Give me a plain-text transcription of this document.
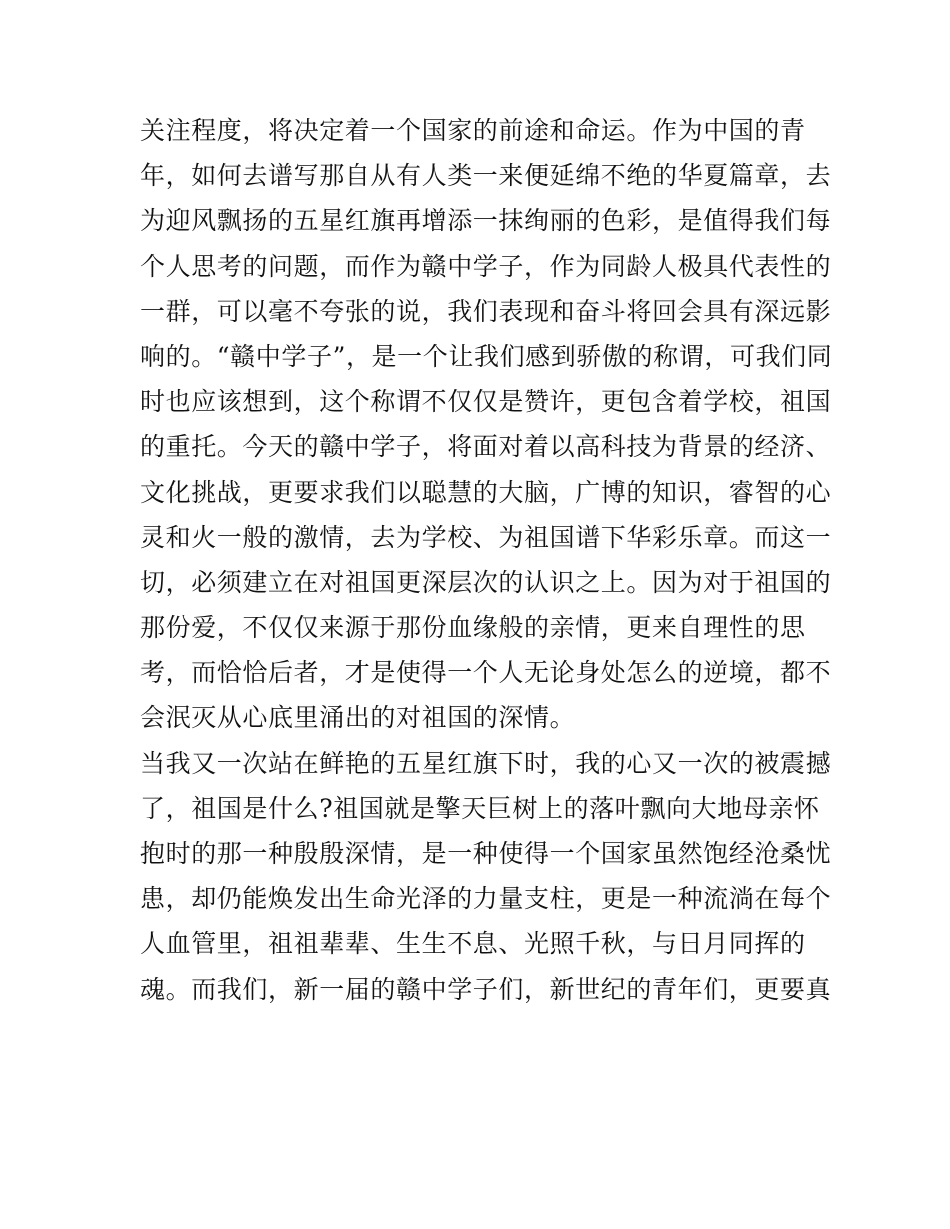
关注程度，将决定着一个国家的前途和命运。作为中国的青
年，如何去谱写那自从有人类一来便延绵不绝的华夏篇章，去
为迎风飘扬的五星红旗再增添一抹绚丽的色彩，是值得我们每
个人思考的问题，而作为赣中学子，作为同龄人极具代表性的
一群，可以毫不夸张的说，我们表现和奋斗将回会具有深远影
响的。“赣中学子”，是一个让我们感到骄傲的称谓，可我们同
时也应该想到，这个称谓不仅仅是赞许，更包含着学校，祖国
的重托。今天的赣中学子，将面对着以高科技为背景的经济、
文化挑战，更要求我们以聪慧的大脑，广博的知识，睿智的心
灵和火一般的激情，去为学校、为祖国谱下华彩乐章。而这一
切，必须建立在对祖国更深层次的认识之上。因为对于祖国的
那份爱，不仅仅来源于那份血缘般的亲情，更来自理性的思
考，而恰恰后者，才是使得一个人无论身处怎么的逆境，都不
会泯灭从心底里涌出的对祖国的深情。
当我又一次站在鲜艳的五星红旗下时，我的心又一次的被震撼
了，祖国是什么?祖国就是擎天巨树上的落叶飘向大地母亲怀
抱时的那一种殷殷深情，是一种使得一个国家虽然饱经沧桑忧
患，却仍能焕发出生命光泽的力量支柱，更是一种流淌在每个
人血管里，祖祖辈辈、生生不息、光照千秋，与日月同挥的
魂。而我们，新一届的赣中学子们，新世纪的青年们，更要真
